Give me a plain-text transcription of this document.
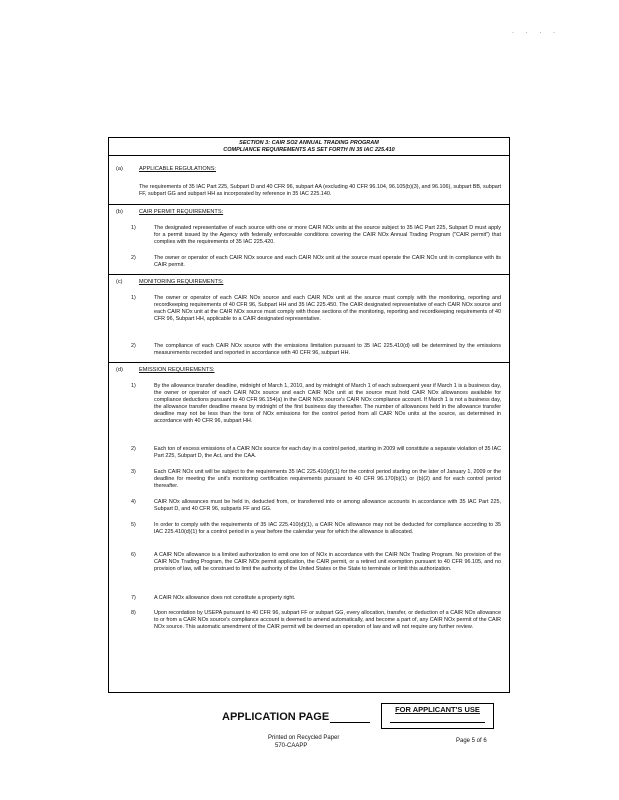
· · · ·
SECTION 3: CAIR SO2 ANNUAL TRADING PROGRAM
COMPLIANCE REQUIREMENTS AS SET FORTH IN 35 IAC 225.410
(a)	APPLICABLE REGULATIONS:
The requirements of 35 IAC Part 225, Subpart D and 40 CFR 96, subpart AA (excluding 40 CFR 96.104, 96.105(b)(3), and 96.106), subpart BB, subpart FF, subpart GG and subpart HH as incorporated by reference in 35 IAC 225.140.
(b)	CAIR PERMIT REQUIREMENTS:
1)	The designated representative of each source with one or more CAIR NOx units at the source subject to 35 IAC Part 225, Subpart D must apply for a permit issued by the Agency with federally enforceable conditions covering the CAIR NOx Annual Trading Program ("CAIR permit") that complies with the requirements of 35 IAC 225.420.
2)	The owner or operator of each CAIR NOx source and each CAIR NOx unit at the source must operate the CAIR NOx unit in compliance with its CAIR permit.
(c)	MONITORING REQUIREMENTS:
1)	The owner or operator of each CAIR NOx source and each CAIR NOx unit at the source must comply with the monitoring, reporting and recordkeeping requirements of 40 CFR 96, Subpart HH and 35 IAC 225.450. The CAIR designated representative of each CAIR NOx source and each CAIR NOx unit at the CAIR NOx source must comply with those sections of the monitoring, reporting and recordkeeping requirements of 40 CFR 96, Subpart HH, applicable to a CAIR designated representative.
2)	The compliance of each CAIR NOx source with the emissions limitation pursuant to 35 IAC 225.410(d) will be determined by the emissions measurements recorded and reported in accordance with 40 CFR 96, subpart HH.
(d)	EMISSION REQUIREMENTS:
1)	By the allowance transfer deadline, midnight of March 1, 2010, and by midnight of March 1 of each subsequent year if March 1 is a business day, the owner or operator of each CAIR NOx source and each CAIR NOx unit at the source must hold CAIR NOx allowances available for compliance deductions pursuant to 40 CFR 96.154(a) in the CAIR NOx source's CAIR NOx compliance account. If March 1 is not a business day, the allowance transfer deadline means by midnight of the first business day thereafter. The number of allowances held in the allowance transfer deadline may not be less than the tons of NOx emissions for the control period from all CAIR NOx units at the source, as determined in accordance with 40 CFR 96, subpart HH.
2)	Each ton of excess emissions of a CAIR NOx source for each day in a control period, starting in 2009 will constitute a separate violation of 35 IAC Part 225, Subpart D, the Act, and the CAA.
3)	Each CAIR NOx unit will be subject to the requirements 35 IAC 225.410(d)(1) for the control period starting on the later of January 1, 2009 or the deadline for meeting the unit's monitoring certification requirements pursuant to 40 CFR 96.170(b)(1) or (b)(2) and for each control period thereafter.
4)	CAIR NOx allowances must be held in, deducted from, or transferred into or among allowance accounts in accordance with 35 IAC Part 225, Subpart D, and 40 CFR 96, subparts FF and GG.
5)	In order to comply with the requirements of 35 IAC 225.410(d)(1), a CAIR NOx allowance may not be deducted for compliance according to 35 IAC 225.410(d)(1) for a control period in a year before the calendar year for which the allowance is allocated.
6)	A CAIR NOx allowance is a limited authorization to emit one ton of NOx in accordance with the CAIR NOx Trading Program. No provision of the CAIR NOx Trading Program, the CAIR NOx permit application, the CAIR permit, or a retired unit exemption pursuant to 40 CFR 96.105, and no provision of law, will be construed to limit the authority of the United States or the State to terminate or limit this authorization.
7)	A CAIR NOx allowance does not constitute a property right.
8)	Upon recordation by USEPA pursuant to 40 CFR 96, subpart FF or subpart GG, every allocation, transfer, or deduction of a CAIR NOx allowance to or from a CAIR NOx source's compliance account is deemed to amend automatically, and become a part of, any CAIR NOx permit of the CAIR NOx source. This automatic amendment of the CAIR permit will be deemed an operation of law and will not require any further review.
APPLICATION PAGE
FOR APPLICANT'S USE
Printed on Recycled Paper
570-CAAPP
Page 5 of 6
